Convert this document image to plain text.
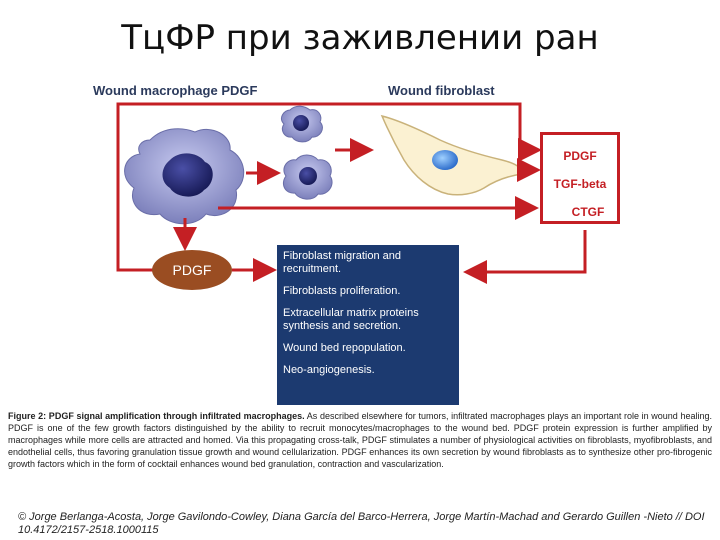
ТцФР при заживлении ран
Wound macrophage PDGF	Wound fibroblast
PDGF
TGF-beta
CTGF
PDGF
Fibroblast migration and recruitment.
Fibroblasts proliferation.
Extracellular matrix proteins synthesis and secretion.
Wound bed repopulation.
Neo-angiogenesis.
Figure 2: PDGF signal amplification through infiltrated macrophages. As described elsewhere for tumors, infiltrated macrophages plays an important role in wound healing. PDGF is one of the few growth factors distinguished by the ability to recruit monocytes/macrophages to the wound bed. PDGF protein expression is further amplified by macrophages while more cells are attracted and homed. Via this propagating cross-talk, PDGF stimulates a number of physiological activities on fibroblasts, myofibroblasts, and endothelial cells, thus favoring granulation tissue growth and wound cellularization. PDGF enhances its own secretion by wound fibroblasts as to synthesize other pro-fibrogenic growth factors which in the form of cocktail enhances wound bed granulation, contraction and vascularization.
© Jorge Berlanga-Acosta, Jorge Gavilondo-Cowley, Diana García del Barco-Herrera, Jorge Martín-Machad and Gerardo Guillen -Nieto // DOI 10.4172/2157-2518.1000115
